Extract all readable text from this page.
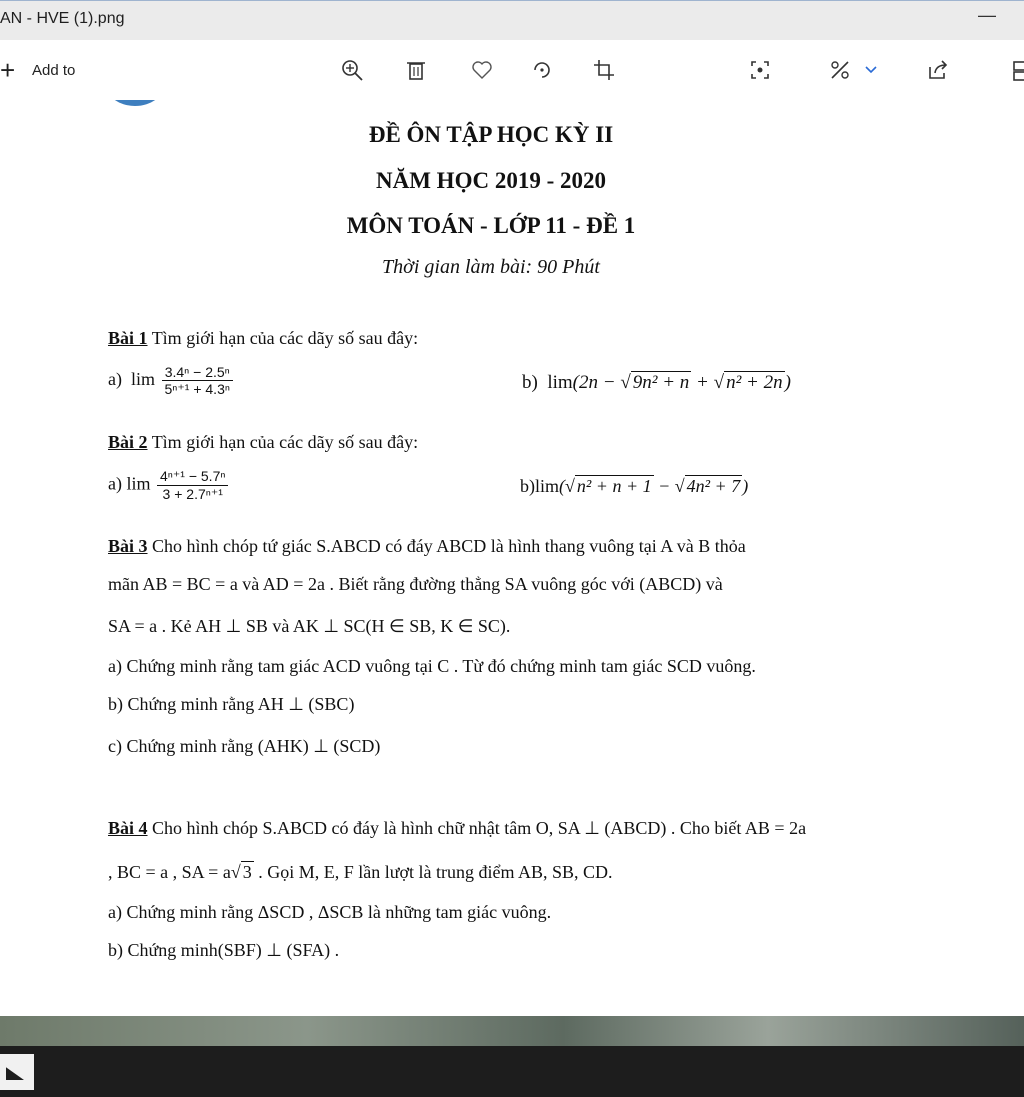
AN - HVE (1).png	—
+ Add to
ĐỀ ÔN TẬP HỌC KỲ II
NĂM HỌC 2019 - 2020
MÔN TOÁN - LỚP 11 - ĐỀ 1
Thời gian làm bài: 90 Phút
Bài 1 Tìm giới hạn của các dãy số sau đây:
a) $\lim \frac{\text{3.4ⁿ − 2.5ⁿ}}{\text{5ⁿ⁺¹ + 4.3ⁿ}}$	b) lim(2n − √ 9n² + n + √ n² + 2n )
Bài 2 Tìm giới hạn của các dãy số sau đây:
a) $\lim \frac{\text{4ⁿ⁺¹ − 5.7ⁿ}}{\text{3 + 2.7ⁿ⁺¹}}$	b)lim(√ n² + n + 1 − √ 4n² + 7 )
Bài 3 Cho hình chóp tứ giác S.ABCD có đáy ABCD là hình thang vuông tại A và B thỏa
mãn AB = BC = a và AD = 2a . Biết rằng đường thẳng SA vuông góc với (ABCD) và
SA = a . Kẻ AH ⊥ SB và AK ⊥ SC(H ∈ SB, K ∈ SC).
a) Chứng minh rằng tam giác ACD vuông tại C . Từ đó chứng minh tam giác SCD vuông.
b) Chứng minh rằng AH ⊥ (SBC)
c) Chứng minh rằng (AHK) ⊥ (SCD)
Bài 4 Cho hình chóp S.ABCD có đáy là hình chữ nhật tâm O, SA ⊥ (ABCD) . Cho biết AB = 2a
, BC = a , SA = a√ 3 . Gọi M, E, F lần lượt là trung điểm AB, SB, CD.
a) Chứng minh rằng ΔSCD , ΔSCB là những tam giác vuông.
b) Chứng minh(SBF) ⊥ (SFA) .
